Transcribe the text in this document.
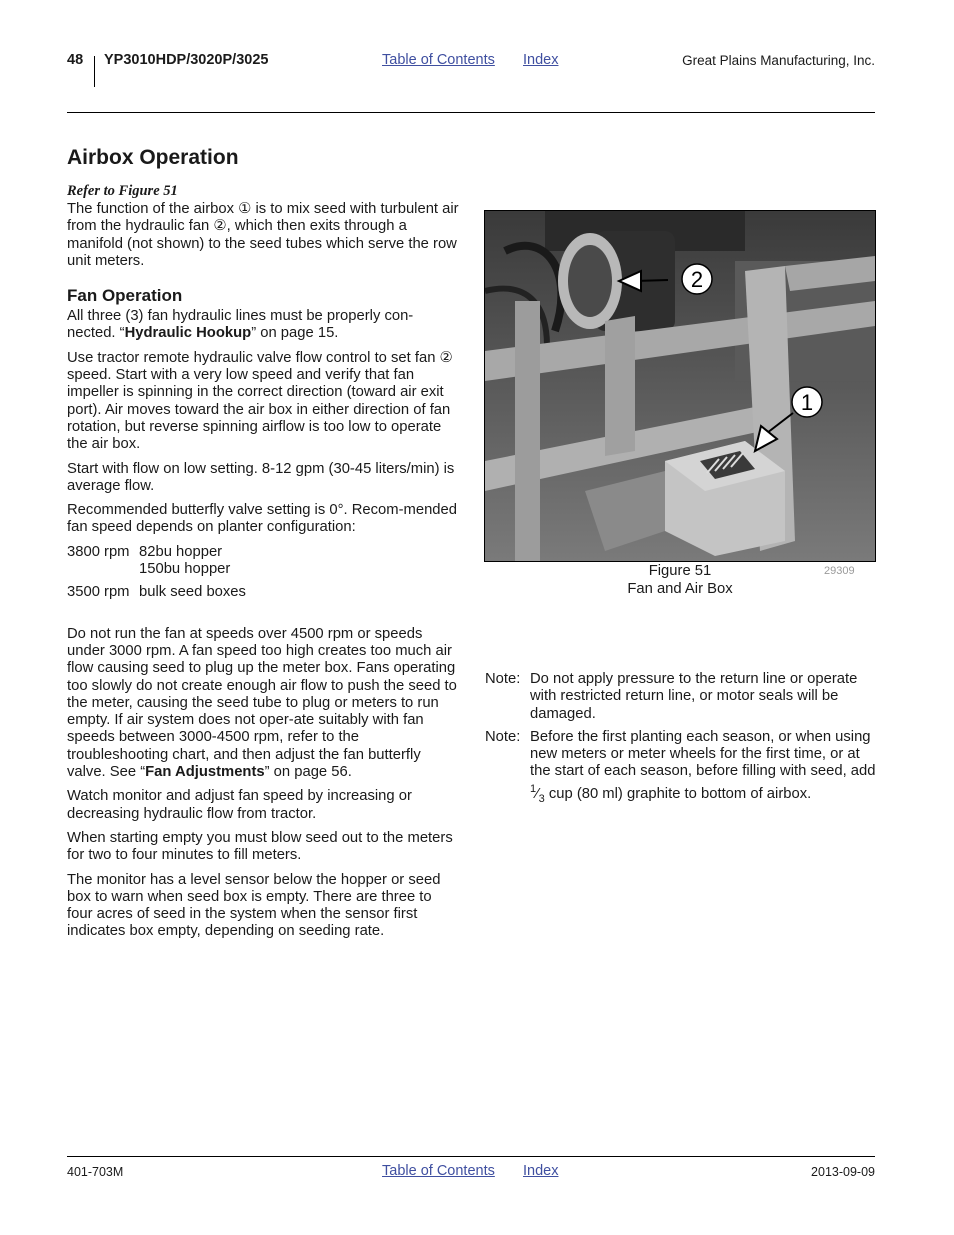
48 YP3010HDP/3020P/3025	Table of Contents Index	Great Plains Manufacturing, Inc.
Airbox Operation
Refer to Figure 51

The function of the airbox ① is to mix seed with turbulent air from the hydraulic fan ②, which then exits through a manifold (not shown) to the seed tubes which serve the row unit meters.

Fan Operation

All three (3) fan hydraulic lines must be properly con-nected. “Hydraulic Hookup” on page 15.

Use tractor remote hydraulic valve flow control to set fan ② speed. Start with a very low speed and verify that fan impeller is spinning in the correct direction (toward air exit port). Air moves toward the air box in either direction of fan rotation, but reverse spinning airflow is too low to operate the air box.

Start with flow on low setting. 8-12 gpm (30-45 liters/min) is average flow.

Recommended butterfly valve setting is 0°. Recom-mended fan speed depends on planter configuration:

3800 rpm 82bu hopper
150bu hopper
3500 rpm bulk seed boxes

Do not run the fan at speeds over 4500 rpm or speeds under 3000 rpm. A fan speed too high creates too much air flow causing seed to plug up the meter box. Fans operating too slowly do not create enough air flow to push the seed to the meter, causing the seed tube to plug or meters to run empty. If air system does not oper-ate suitably with fan speeds between 3000-4500 rpm, refer to the troubleshooting chart, and then adjust the fan butterfly valve. See “Fan Adjustments” on page 56.

Watch monitor and adjust fan speed by increasing or decreasing hydraulic flow from tractor.

When starting empty you must blow seed out to the meters for two to four minutes to fill meters.

The monitor has a level sensor below the hopper or seed box to warn when seed box is empty. There are three to four acres of seed in the system when the sensor first indicates box empty, depending on seeding rate.

2
1
Figure 51
Fan and Air Box
29309
Note: Do not apply pressure to the return line or operate with restricted return line, or motor seals will be damaged.
Note: Before the first planting each season, or when using new meters or meter wheels for the first time, or at the start of each season, before filling with seed, add $^1⁄_3$ cup (80 ml) graphite to bottom of airbox.
401-703M	Table of Contents Index	2013-09-09
